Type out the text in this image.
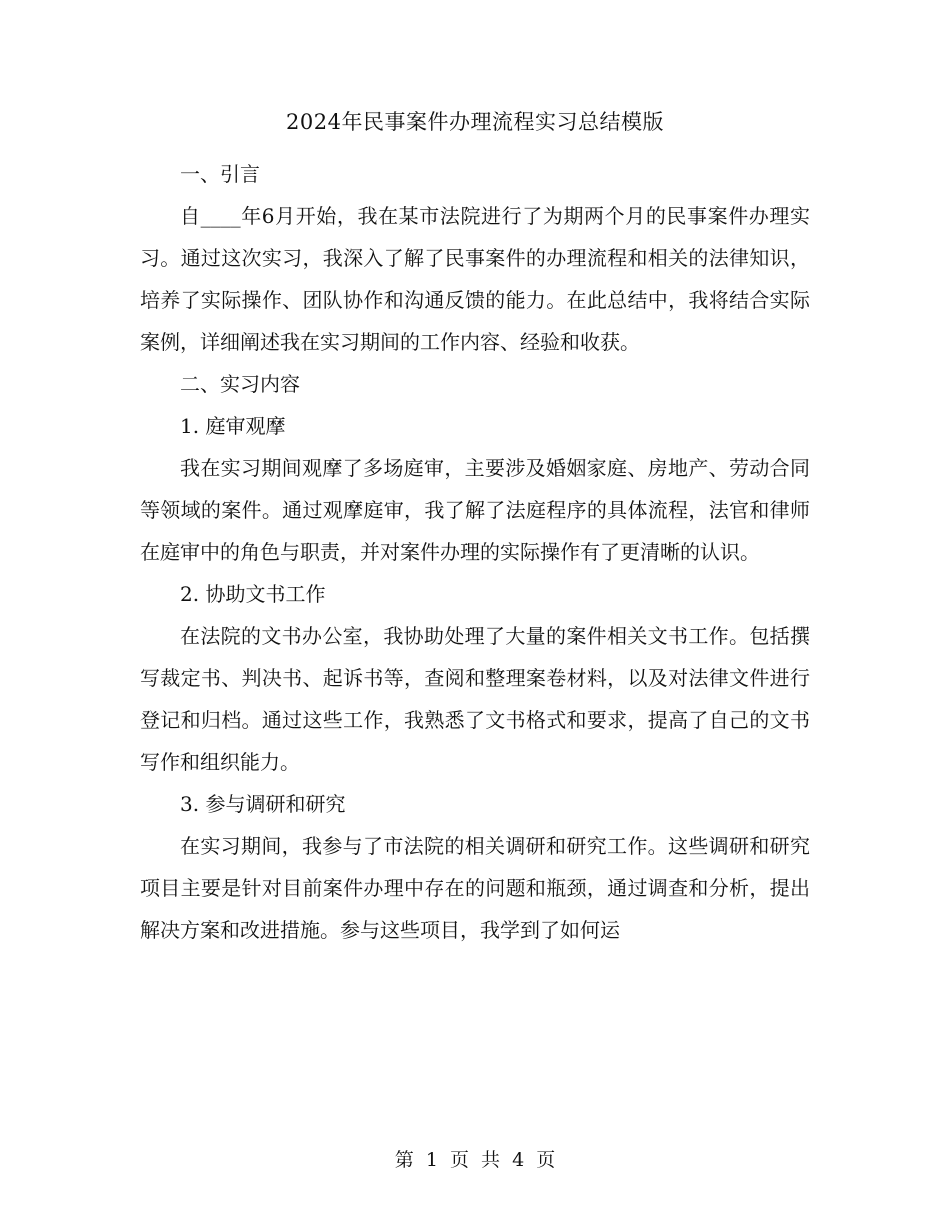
2024年民事案件办理流程实习总结模版

一、引言

自____年6月开始，我在某市法院进行了为期两个月的民事案件办理实习。通过这次实习，我深入了解了民事案件的办理流程和相关的法律知识，培养了实际操作、团队协作和沟通反馈的能力。在此总结中，我将结合实际案例，详细阐述我在实习期间的工作内容、经验和收获。

二、实习内容

1. 庭审观摩

我在实习期间观摩了多场庭审，主要涉及婚姻家庭、房地产、劳动合同等领域的案件。通过观摩庭审，我了解了法庭程序的具体流程，法官和律师在庭审中的角色与职责，并对案件办理的实际操作有了更清晰的认识。

2. 协助文书工作

在法院的文书办公室，我协助处理了大量的案件相关文书工作。包括撰写裁定书、判决书、起诉书等，查阅和整理案卷材料，以及对法律文件进行登记和归档。通过这些工作，我熟悉了文书格式和要求，提高了自己的文书写作和组织能力。

3. 参与调研和研究

在实习期间，我参与了市法院的相关调研和研究工作。这些调研和研究项目主要是针对目前案件办理中存在的问题和瓶颈，通过调查和分析，提出解决方案和改进措施。参与这些项目，我学到了如何运

第 1 页 共 4 页
